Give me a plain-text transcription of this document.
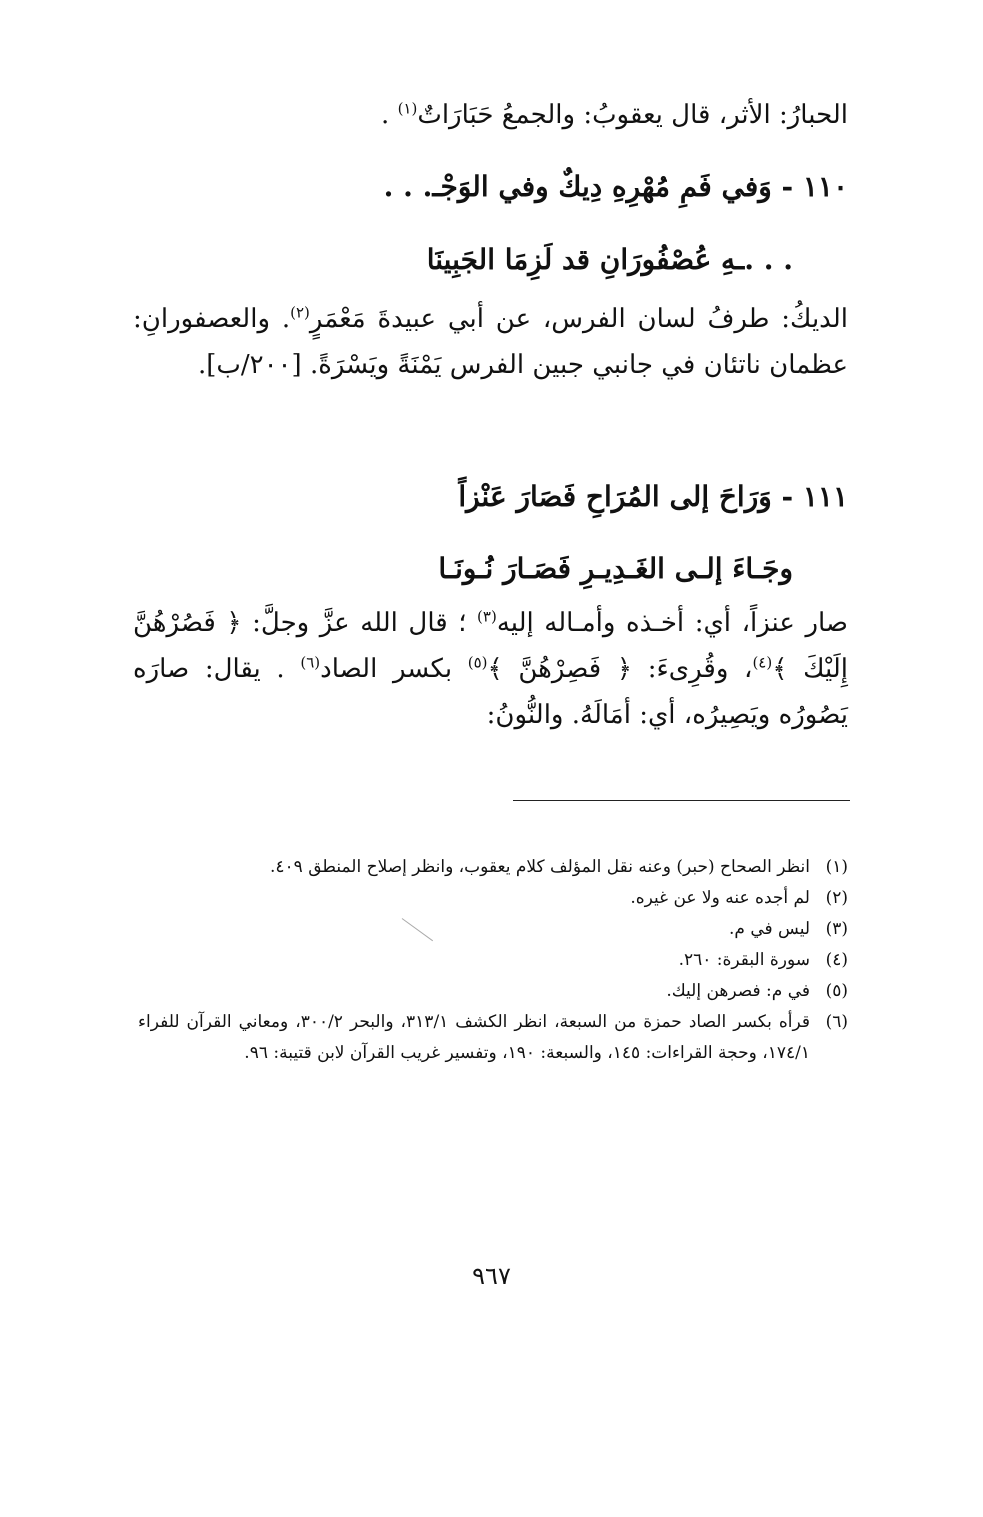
الحبارُ: الأثر، قال يعقوبُ: والجمعُ حَبَارَاتٌ$^{(١)}$ .
١١٠ - وَفي فَمِ مُهْرِهِ دِيكٌ وفي الوَجْـ. . .
. . .ـهِ عُصْفُورَانِ قد لَزِمَا الجَبِينَا
الديكُ: طرفُ لسان الفرس، عن أبي عبيدةَ مَعْمَرٍ$^{(٢)}$. والعصفورانِ: عظمان ناتئان في جانبي جبين الفرس يَمْنَةً ويَسْرَةً. [٢٠٠/ب].
١١١ - وَرَاحَ إلى المُرَاحِ فَصَارَ عَنْزاً
وجَـاءَ إلـى الغَـدِيـرِ فَصَـارَ نُـونَـا
صار عنزاً، أي: أخـذه وأمـاله إليه$^{(٣)}$ ؛ قال الله عزَّ وجلَّ: ﴿ فَصُرْهُنَّ إِلَيْكَ ﴾$^{(٤)}$، وقُرِىءَ: ﴿ فَصِرْهُنَّ ﴾$^{(٥)}$ بكسر الصاد$^{(٦)}$ . يقال: صارَه يَصُورُه ويَصِيرُه، أي: أمَالَهُ. والنُّونُ:
(١)
انظر الصحاح (حبر) وعنه نقل المؤلف كلام يعقوب، وانظر إصلاح المنطق ٤٠٩.
(٢)
لم أجده عنه ولا عن غيره.
(٣)
ليس في م.
(٤)
سورة البقرة: ٢٦٠.
(٥)
في م: فصرهن إليك.
(٦)
قرأه بكسر الصاد حمزة من السبعة، انظر الكشف ٣١٣/١، والبحر ٣٠٠/٢، ومعاني القرآن للفراء ١٧٤/١، وحجة القراءات: ١٤٥، والسبعة: ١٩٠، وتفسير غريب القرآن لابن قتيبة: ٩٦.
٩٦٧
